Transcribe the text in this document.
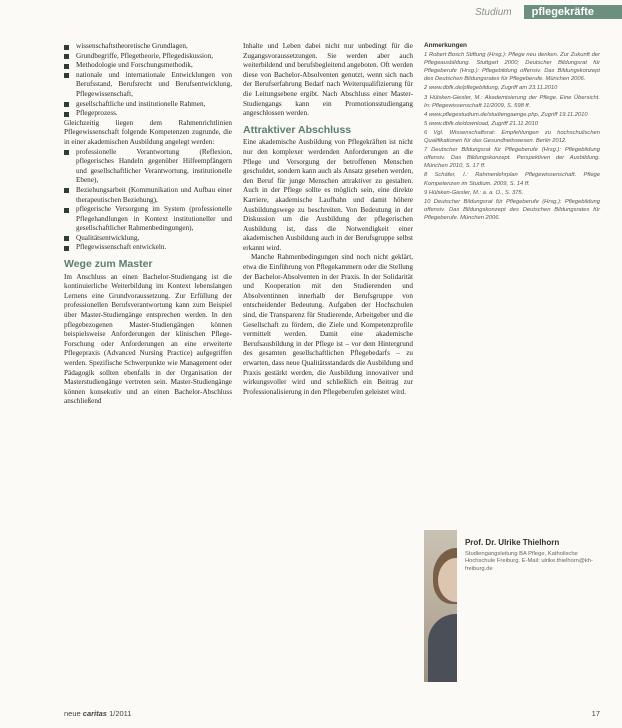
Studium	pflegekräfte
wissenschaftstheoretische Grundlagen,
Grundbegriffe, Pflegetheorie, Pflegediskussion,
Methodologie und Forschungsmethodik,
nationale und internationale Entwicklungen von Berufsstand, Berufsrecht und Berufsentwicklung, Pflegewissenschaft,
gesellschaftliche und institutionelle Rahmen,
Pflegeprozess.

Gleichzeitig liegen dem Rahmenrichtlinien Pflegewissenschaft folgende Kompetenzen zugrunde, die in einer akademischen Ausbildung angelegt werden:

professionelle Verantwortung (Reflexion, pflegerisches Handeln gegenüber Hilfeempfängern und gesellschaftlicher Verantwortung, institutionelle Ebene),
Beziehungsarbeit (Kommunikation und Aufbau einer therapeutischen Beziehung),
pflegerische Versorgung im System (professionelle Pflegehandlungen in Kontext institutioneller und gesellschaftlicher Rahmenbedingungen),
Qualitätsentwicklung,
Pflegewissenschaft entwickeln.
Wege zum Master

Im Anschluss an einen Bachelor-Studiengang ist die kontinuierliche Weiterbildung im Kontext lebenslangen Lernens eine Grundvoraussetzung. Zur Erfüllung der professionellen Berufsverantwortung kann zum Beispiel über Master-Studiengänge entsprechen werden. In den pflegebezogenen Master-Studiengängen können beispielsweise Anforderungen der klinischen Pflege-Forschung oder Anforderungen an eine erweiterte Pflegepraxis (Advanced Nursing Practice) aufgegriffen werden. Spezifische Schwerpunkte wie Management oder Pädagogik sollten ebenfalls in der Organisation der Masterstudiengänge vertreten sein. Master-Studiengänge können konsekutiv und an einen Bachelor-Abschluss anschließend

Inhalte und Leben dabei nicht nur unbedingt für die Zugangsvoraussetzungen. Sie werden aber auch weiterbildend und berufsbegleitend angeboten. Oft werden diese von Bachelor-Absolventen genutzt, wenn sich nach der Berufserfahrung Bedarf nach Weiterqualifizierung für die Leitungsebene ergibt. Nach Abschluss einer Master-Studiengangs kann ein Promotionsstudiengang angeschlossen werden.

Attraktiver Abschluss

Eine akademische Ausbildung von Pflegekräften ist nicht nur den komplexer werdenden Anforderungen an die Pflege und Versorgung der betroffenen Menschen geschuldet, sondern kann auch als Ansatz gesehen werden, den Beruf für junge Menschen attraktiver zu gestalten. Auch in der Pflege sollte es möglich sein, eine direkte Karriere, akademische Laufbahn und damit höhere Ausbildungswege zu beschreiten. Von Bedeutung in der Diskussion um die Ausbildung der pflegerischen Ausbildung ist, dass die Notwendigkeit einer akademischen Ausbildung auch in der Berufsgruppe selbst erkannt wird.

Manche Rahmenbedingungen sind noch nicht geklärt, etwa die Einführung von Pflegekammern oder die Stellung der Bachelor-Absolventen in der Praxis. In der Solidarität und Kooperation mit den Studierenden und Absolventinnen innerhalb der Berufsgruppe von entscheidender Bedeutung. Aufgaben der Hochschulen sind, die Transparenz für Studierende, Arbeitgeber und die Gesellschaft zu fördern, die Ziele und Kompetenzprofile vermittelt werden. Damit eine akademische Berufsausbildung in der Pflege ist – vor dem Hintergrund des gesamten gesellschaftlichen Pflegebedarfs – zu erwarten, dass neue Qualitätsstandards die Ausbildung und Praxis gestärkt werden, die Ausbildung innovativer und wirkungsvoller wird und schließlich ein Beitrag zur Professionalisierung in den Pflegeberufen geleistet wird.

Anmerkungen
1 Robert Bosch Stiftung (Hrsg.): Pflege neu denken. Zur Zukunft der Pflegeausbildung. Stuttgart 2000; Deutscher Bildungsrat für Pflegeberufe (Hrsg.): Pflegebildung offensiv. Das Bildungskonzept des Deutschen Bildungsrates für Pflegeberufe. München 2006.
2 www.dbfk.de/pflegebildung, Zugriff am 23.11.2010
3 Hülsken-Giesler, M.: Akademisierung der Pflege. Eine Übersicht. In: Pflegewissenschaft 11/2009, S. 598 ff.
4 www.pflegestudium.de/studiengaenge.php, Zugriff 19.11.2010
5 www.dbfk.de/download, Zugriff 21.11.2010
6 Vgl. Wissenschaftsrat: Empfehlungen zu hochschulischen Qualifikationen für das Gesundheitswesen. Berlin 2012.
7 Deutscher Bildungsrat für Pflegeberufe (Hrsg.): Pflegebildung offensiv. Das Bildungskonzept. Perspektiven der Ausbildung. München 2010, S. 17 ff.
8 Schäfer, I.: Rahmenlehrplan Pflegewissenschaft. Pflege Kompetenzen im Studium. 2009, S. 14 ff.
9 Hülsken-Giesler, M.: a. a. O., S. 375.
10 Deutscher Bildungsrat für Pflegeberufe (Hrsg.): Pflegebildung offensiv. Das Bildungskonzept des Deutschen Bildungsrates für Pflegeberufe. München 2006.
Prof. Dr. Ulrike Thielhorn
Studiengangsleitung BA Pflege, Katholische Hochschule Freiburg. E-Mail: ulrike.thielhorn@kh-freiburg.de
neue caritas 1/2011	17
